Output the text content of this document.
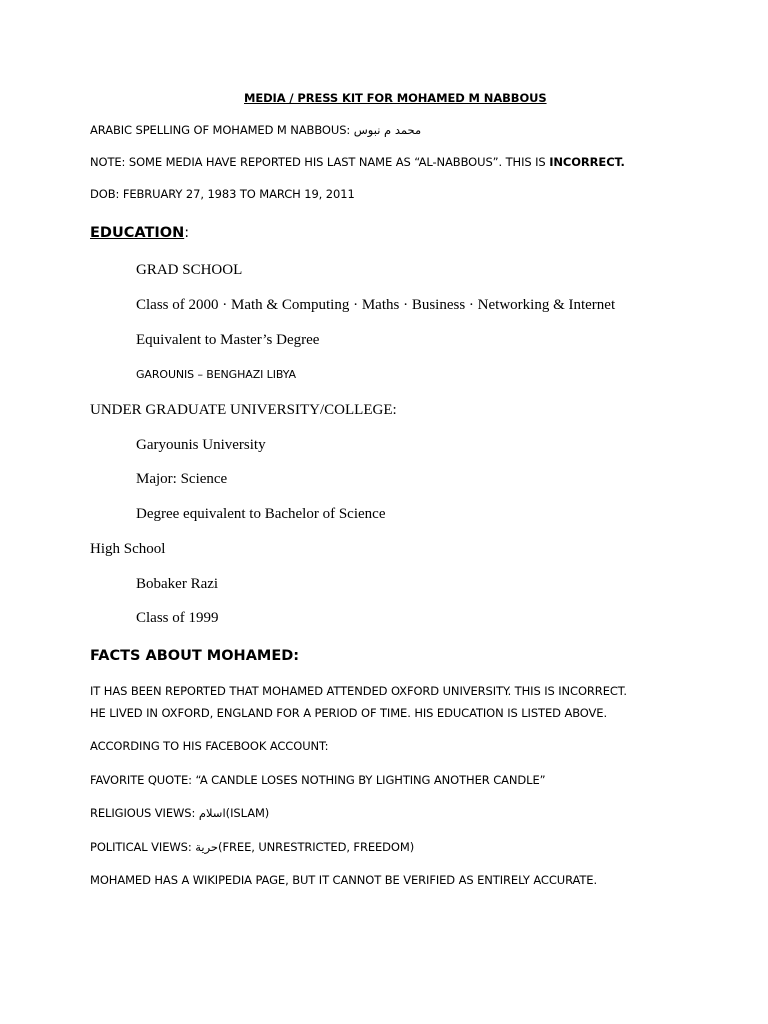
MEDIA / PRESS KIT FOR MOHAMED M NABBOUS
ARABIC SPELLING OF MOHAMED M NABBOUS: محمد م نبوس
NOTE: SOME MEDIA HAVE REPORTED HIS LAST NAME AS “AL-NABBOUS”. THIS IS INCORRECT.
DOB: FEBRUARY 27, 1983 TO MARCH 19, 2011
EDUCATION:
GRAD SCHOOL
Class of 2000 · Math & Computing · Maths · Business · Networking & Internet
Equivalent to Master’s Degree
GAROUNIS – BENGHAZI LIBYA
UNDER GRADUATE UNIVERSITY/COLLEGE:
Garyounis University
Major: Science
Degree equivalent to Bachelor of Science
High School
Bobaker Razi
Class of 1999
FACTS ABOUT MOHAMED:
IT HAS BEEN REPORTED THAT MOHAMED ATTENDED OXFORD UNIVERSITY. THIS IS INCORRECT.
HE LIVED IN OXFORD, ENGLAND FOR A PERIOD OF TIME. HIS EDUCATION IS LISTED ABOVE.
ACCORDING TO HIS FACEBOOK ACCOUNT:
FAVORITE QUOTE: “A CANDLE LOSES NOTHING BY LIGHTING ANOTHER CANDLE”
RELIGIOUS VIEWS: اسلام(ISLAM)
POLITICAL VIEWS: حرية(FREE, UNRESTRICTED, FREEDOM)
MOHAMED HAS A WIKIPEDIA PAGE, BUT IT CANNOT BE VERIFIED AS ENTIRELY ACCURATE.
